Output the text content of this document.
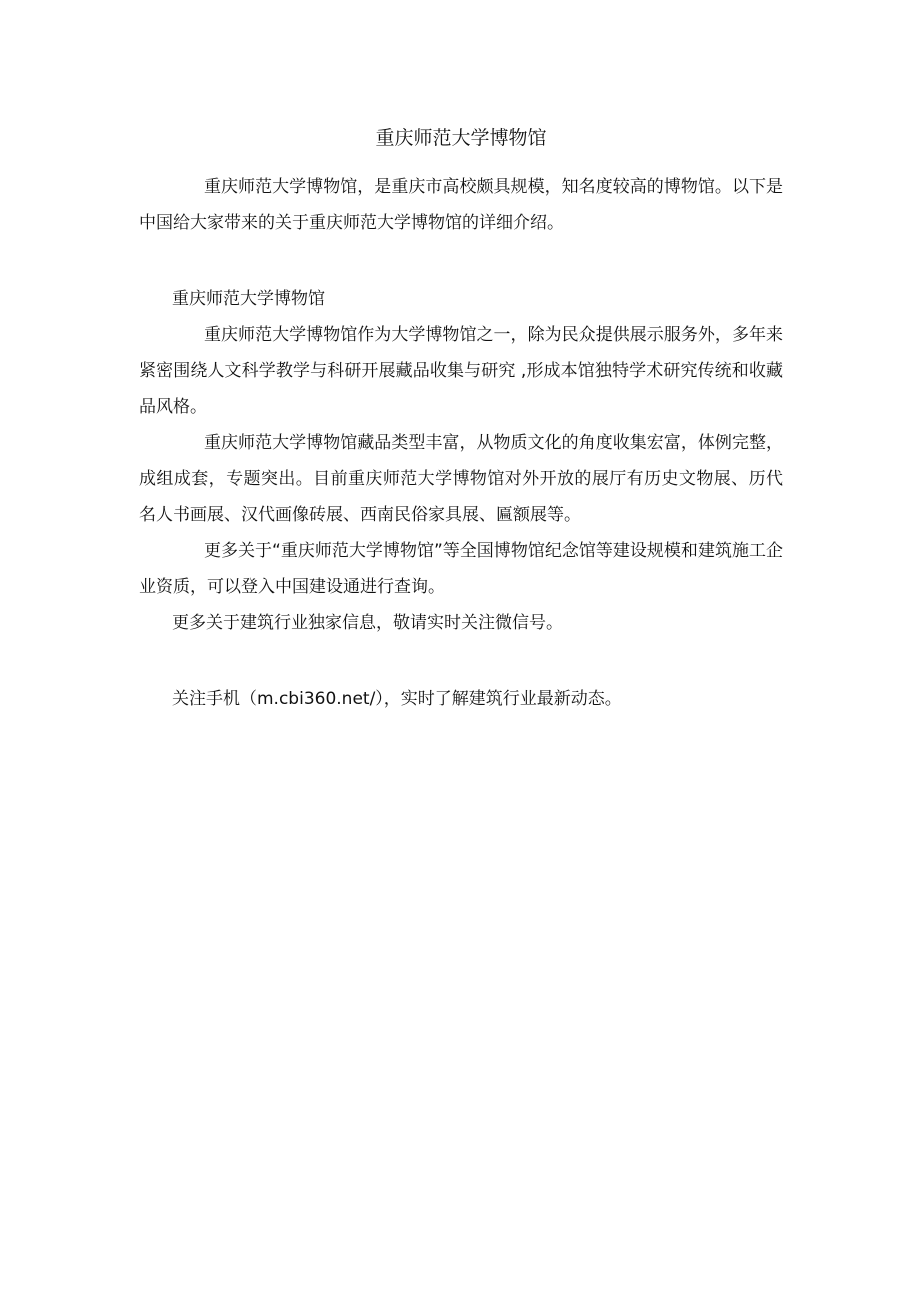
重庆师范大学博物馆

重庆师范大学博物馆，是重庆市高校颇具规模，知名度较高的博物馆。以下是中国给大家带来的关于重庆师范大学博物馆的详细介绍。

重庆师范大学博物馆

重庆师范大学博物馆作为大学博物馆之一，除为民众提供展示服务外，多年来紧密围绕人文科学教学与科研开展藏品收集与研究 ,形成本馆独特学术研究传统和收藏品风格。

重庆师范大学博物馆藏品类型丰富，从物质文化的角度收集宏富，体例完整，成组成套，专题突出。目前重庆师范大学博物馆对外开放的展厅有历史文物展、历代名人书画展、汉代画像砖展、西南民俗家具展、匾额展等。

更多关于“重庆师范大学博物馆”等全国博物馆纪念馆等建设规模和建筑施工企业资质，可以登入中国建设通进行查询。

更多关于建筑行业独家信息，敬请实时关注微信号。

关注手机（m.cbi360.net/），实时了解建筑行业最新动态。
